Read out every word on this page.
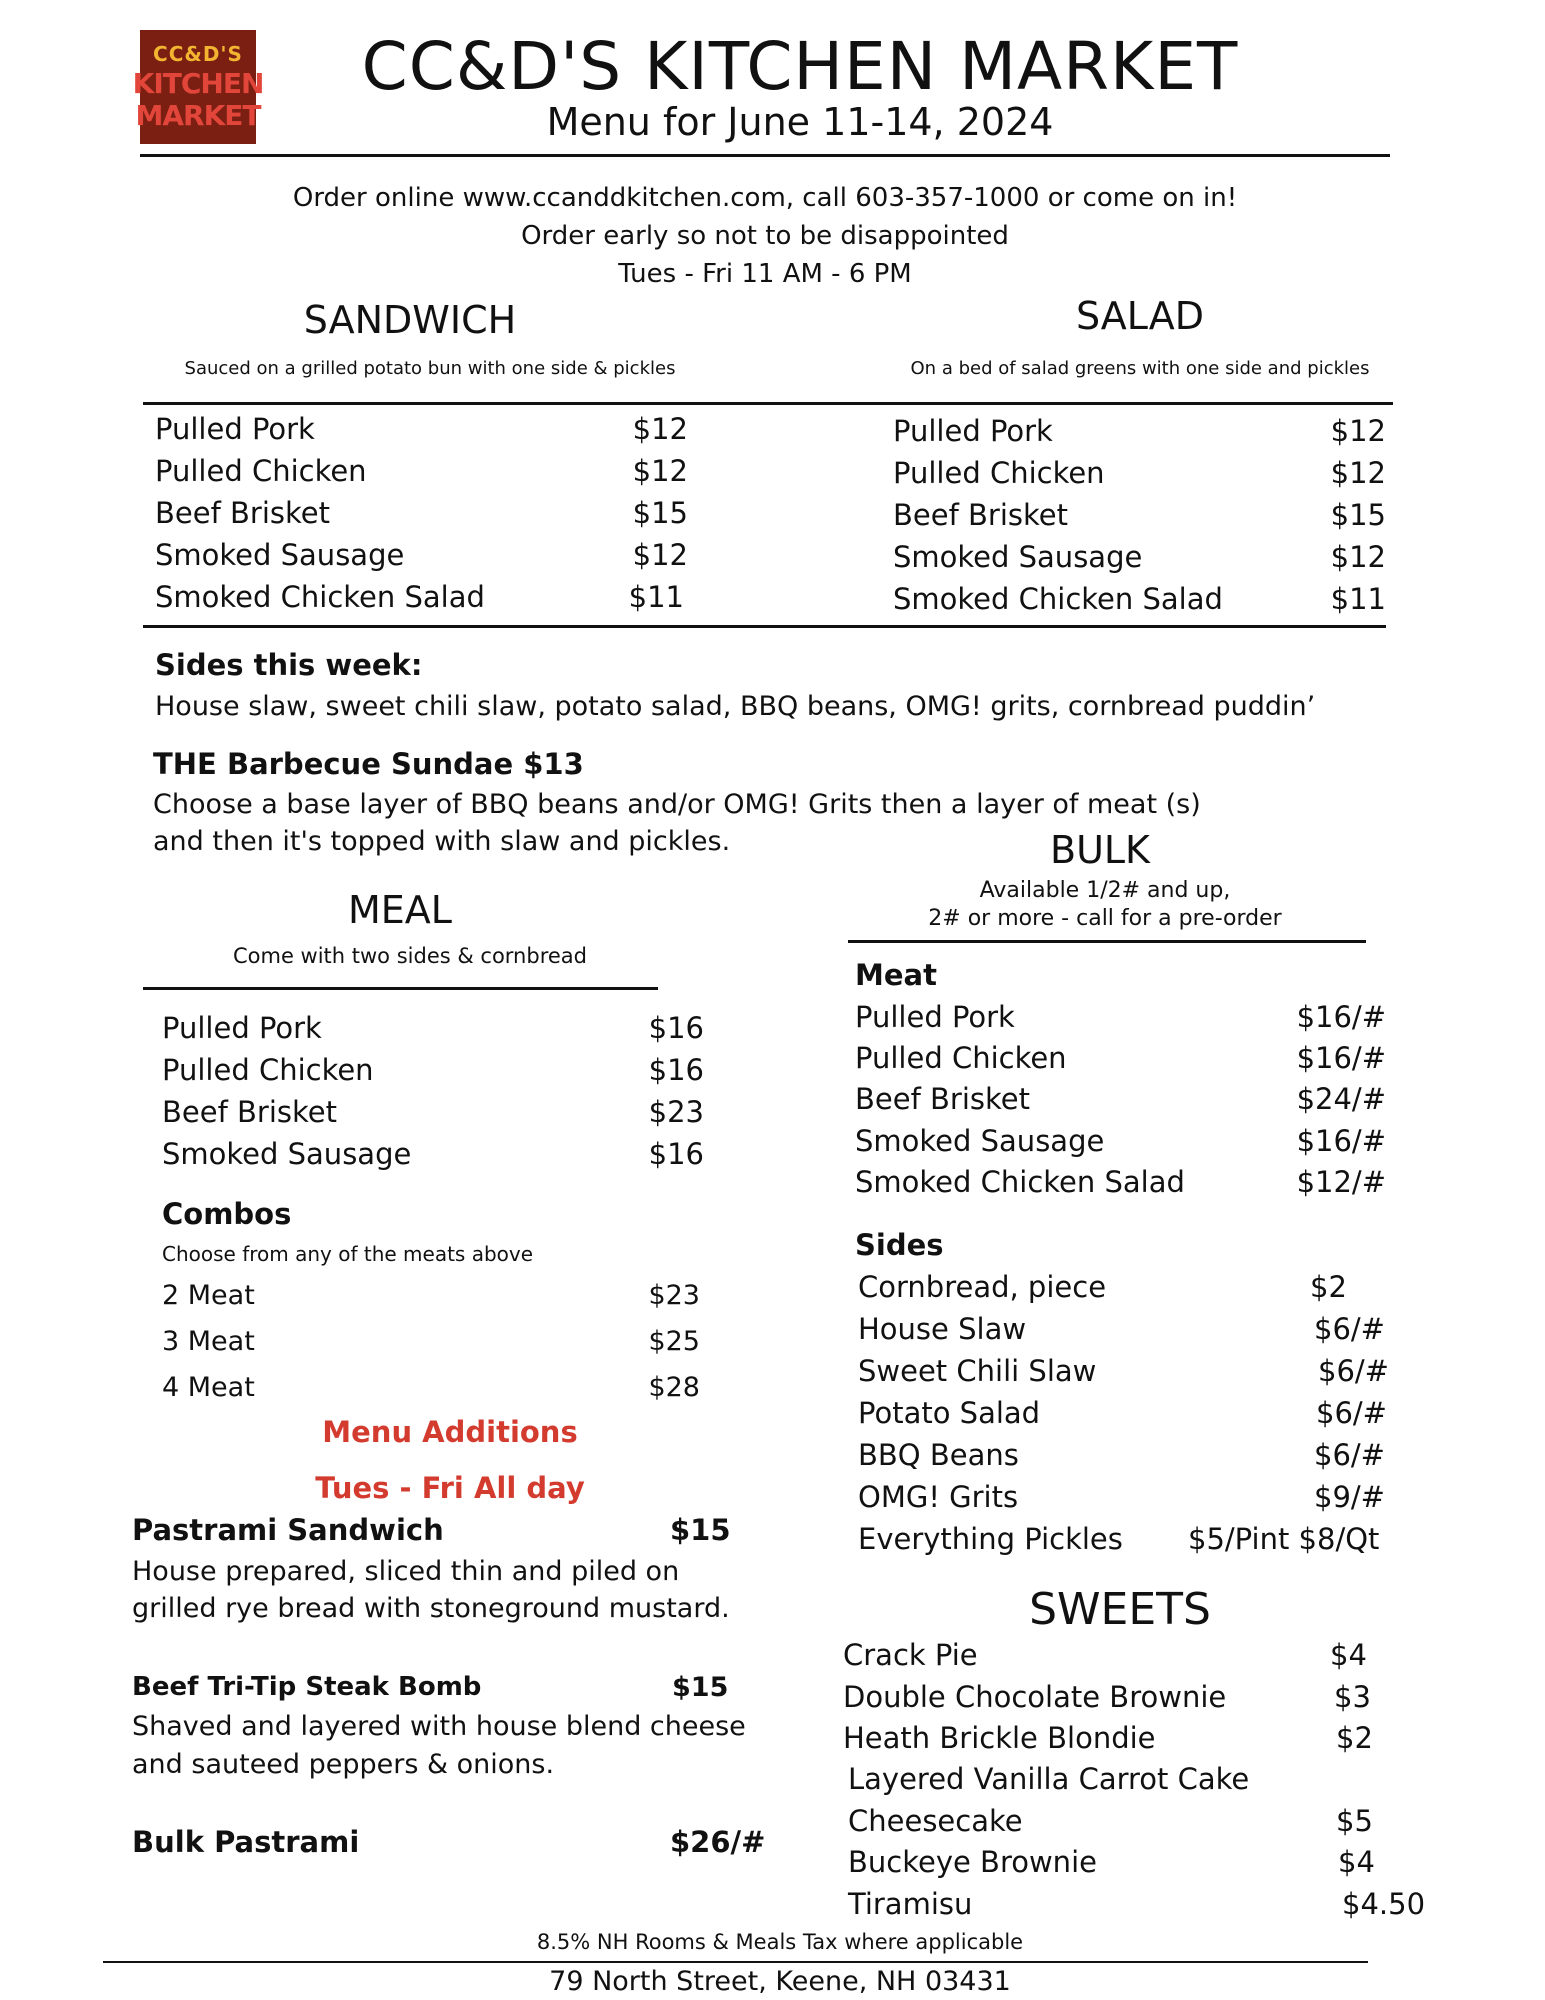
CC&D'S
KITCHEN
MARKET
CC&D'S KITCHEN MARKET
Menu for June 11-14, 2024
Order online www.ccanddkitchen.com, call 603-357-1000 or come on in!
Order early so not to be disappointed
Tues - Fri 11 AM - 6 PM
SANDWICH
Sauced on a grilled potato bun with one side & pickles
SALAD
On a bed of salad greens with one side and pickles
Pulled Pork	$12
Pulled Chicken	$12
Beef Brisket	$15
Smoked Sausage	$12
Smoked Chicken Salad	$11
Pulled Pork	$12
Pulled Chicken	$12
Beef Brisket	$15
Smoked Sausage	$12
Smoked Chicken Salad	$11
Sides this week:
House slaw, sweet chili slaw, potato salad, BBQ beans, OMG! grits, cornbread puddin’
THE Barbecue Sundae $13
Choose a base layer of BBQ beans and/or OMG! Grits then a layer of meat (s)
and then it's topped with slaw and pickles.
MEAL
Come with two sides & cornbread
Pulled Pork	$16
Pulled Chicken	$16
Beef Brisket	$23
Smoked Sausage	$16
Combos
Choose from any of the meats above
2 Meat	$23
3 Meat	$25
4 Meat	$28
Menu Additions
Tues - Fri All day
Pastrami Sandwich	$15
House prepared, sliced thin and piled on
grilled rye bread with stoneground mustard.
Beef Tri-Tip Steak Bomb	$15
Shaved and layered with house blend cheese
and sauteed peppers & onions.
Bulk Pastrami	$26/#
BULK
Available 1/2# and up,
2# or more - call for a pre-order
Meat
Pulled Pork	$16/#
Pulled Chicken	$16/#
Beef Brisket	$24/#
Smoked Sausage	$16/#
Smoked Chicken Salad	$12/#
Sides
Cornbread, piece	$2
House Slaw	$6/#
Sweet Chili Slaw	$6/#
Potato Salad	$6/#
BBQ Beans	$6/#
OMG! Grits	$9/#
Everything Pickles $5/Pint $8/Qt
SWEETS
Crack Pie	$4
Double Chocolate Brownie	$3
Heath Brickle Blondie	$2
Layered Vanilla Carrot Cake
Cheesecake	$5
Buckeye Brownie	$4
Tiramisu	$4.50
8.5% NH Rooms & Meals Tax where applicable
79 North Street, Keene, NH 03431
